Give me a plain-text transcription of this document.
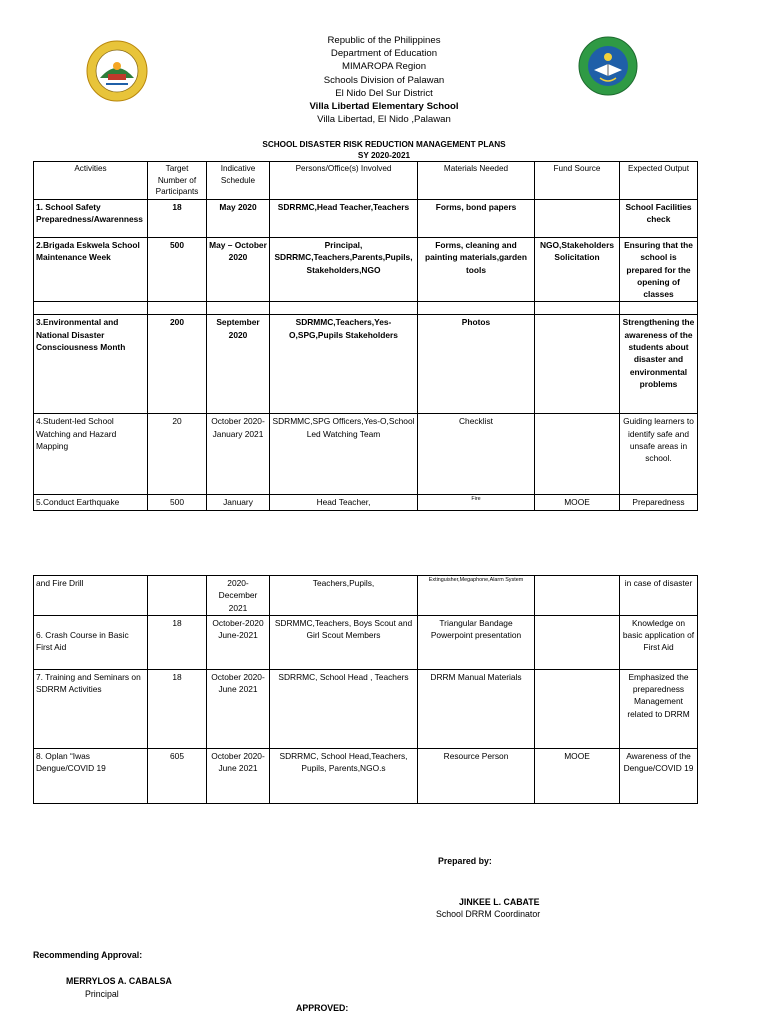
Republic of the Philippines
Department of Education
MIMAROPA Region
Schools Division of Palawan
El Nido Del Sur District
Villa Libertad Elementary School
Villa Libertad, El Nido ,Palawan
SCHOOL DISASTER RISK REDUCTION MANAGEMENT PLANS
SY 2020-2021
Activities	Target Number of Participants	Indicative Schedule	Persons/Office(s) Involved	Materials Needed	Fund Source	Expected Output
1. School Safety Preparedness/Awarenness	18	May 2020	SDRRMC,Head Teacher,Teachers	Forms, bond papers		School Facilities check
2.Brigada Eskwela School Maintenance Week	500	May – October 2020	Principal, SDRRMC,Teachers,Parents,Pupils, Stakeholders,NGO	Forms, cleaning and painting materials,garden tools	NGO,Stakeholders Solicitation	Ensuring that the school is prepared for the opening of classes

3.Environmental and National Disaster Consciousness Month	200	September 2020	SDRMMC,Teachers,Yes-O,SPG,Pupils Stakeholders	Photos		Strengthening the awareness of the students about disaster and environmental problems
4.Student-led School Watching and Hazard Mapping	20	October 2020- January 2021	SDRMMC,SPG Officers,Yes-O,School Led Watching Team	Checklist		Guiding learners to identify safe and unsafe areas in school.
5.Conduct Earthquake	500	January	Head Teacher,	Fire	MOOE	Preparedness
and Fire Drill		2020- December 2021	Teachers,Pupils,	Extinguisher,Megaphone,Alarm System		in case of disaster
6. Crash Course in Basic First Aid	18	October-2020 June-2021	SDRMMC,Teachers, Boys Scout and Girl Scout Members	Triangular Bandage Powerpoint presentation		Knowledge on basic application of First Aid
7. Training and Seminars on SDRRM Activities	18	October 2020-June 2021	SDRRMC, School Head , Teachers	DRRM Manual Materials		Emphasized the preparedness Management related to DRRM
8. Oplan “Iwas Dengue/COVID 19	605	October 2020- June 2021	SDRRMC, School Head,Teachers, Pupils, Parents,NGO.s	Resource Person	MOOE	Awareness of the Dengue/COVID 19
Prepared by:
JINKEE L. CABATE
School DRRM Coordinator
Recommending Approval:
MERRYLOS A. CABALSA
Principal
APPROVED:
